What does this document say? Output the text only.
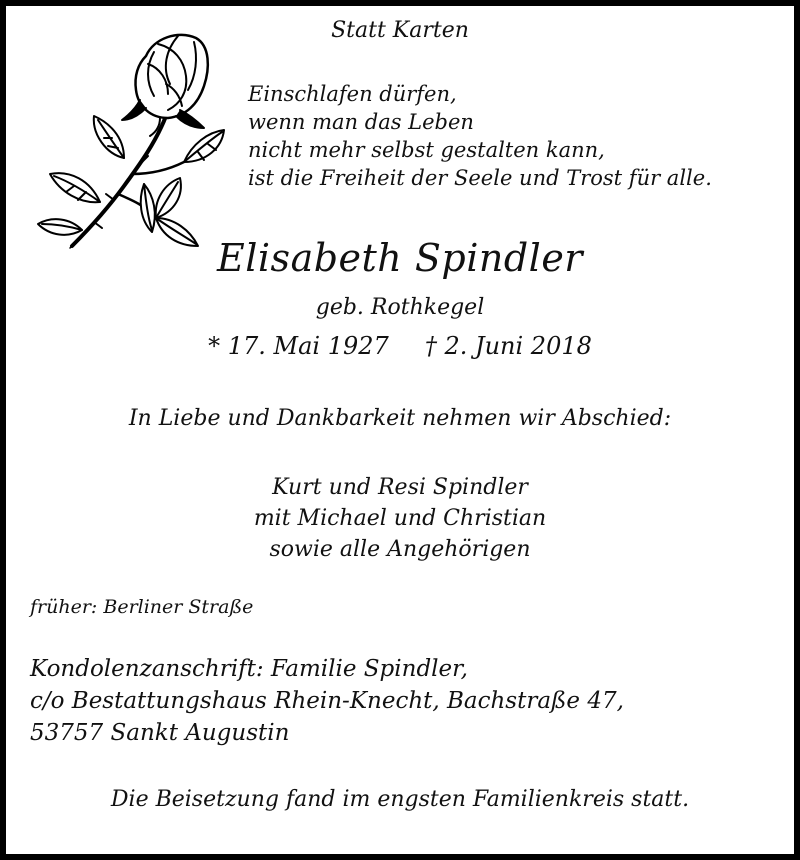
Statt Karten

Einschlafen dürfen,
wenn man das Leben
nicht mehr selbst gestalten kann,
ist die Freiheit der Seele und Trost für alle.

Elisabeth Spindler

geb. Rothkegel

* 17. Mai 1927 † 2. Juni 2018

In Liebe und Dankbarkeit nehmen wir Abschied:

Kurt und Resi Spindler
mit Michael und Christian
sowie alle Angehörigen

früher: Berliner Straße

Kondolenzanschrift: Familie Spindler,
c/o Bestattungshaus Rhein-Knecht, Bachstraße 47,
53757 Sankt Augustin

Die Beisetzung fand im engsten Familienkreis statt.
